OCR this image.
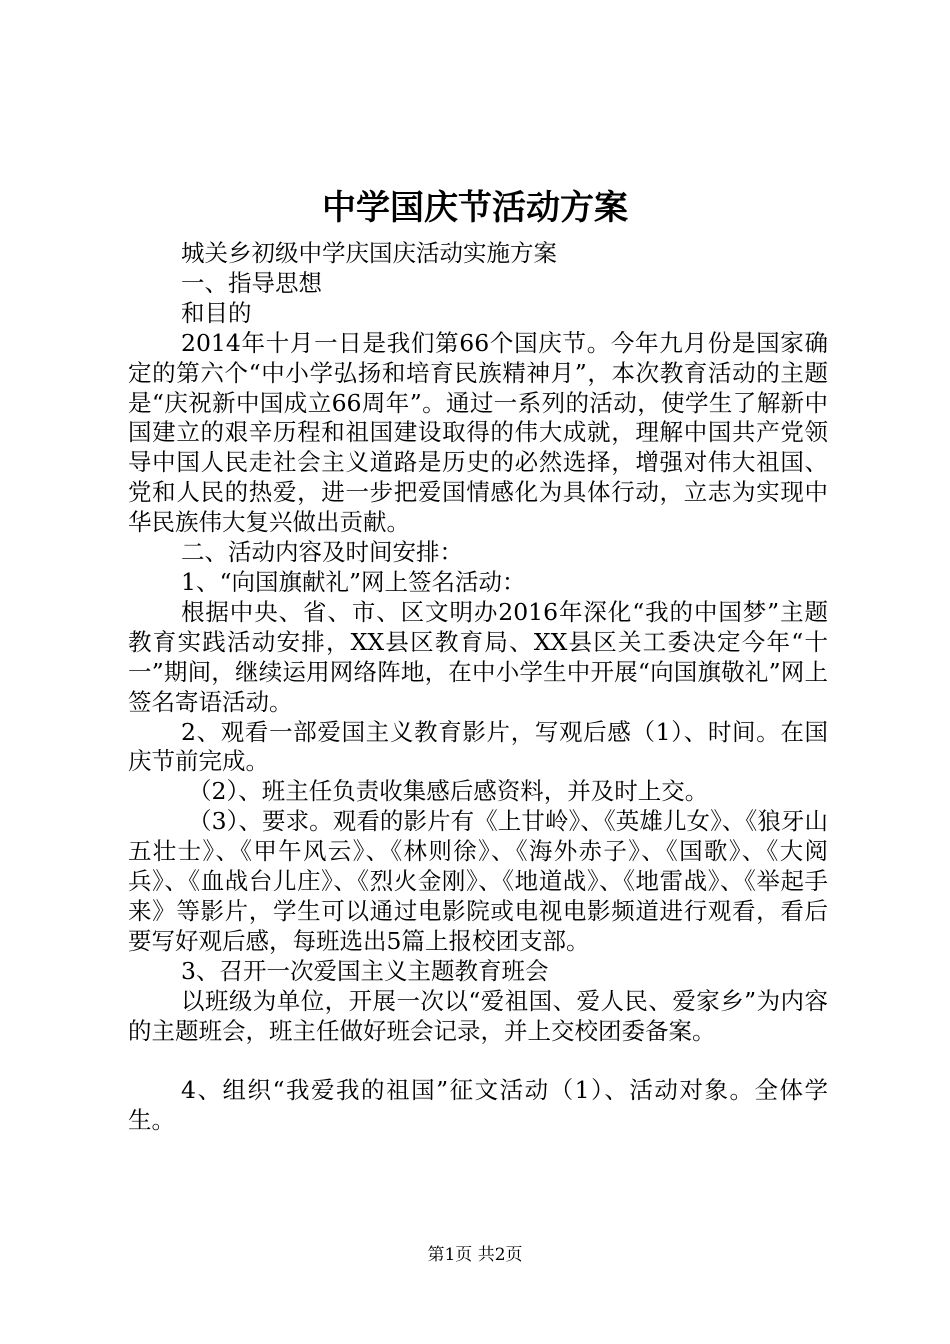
中学国庆节活动方案

城关乡初级中学庆国庆活动实施方案

一、指导思想

和目的

2014年十月一日是我们第66个国庆节。今年九月份是国家确定的第六个“中小学弘扬和培育民族精神月”，本次教育活动的主题是“庆祝新中国成立66周年”。通过一系列的活动，使学生了解新中国建立的艰辛历程和祖国建设取得的伟大成就，理解中国共产党领导中国人民走社会主义道路是历史的必然选择，增强对伟大祖国、党和人民的热爱，进一步把爱国情感化为具体行动，立志为实现中华民族伟大复兴做出贡献。

二、活动内容及时间安排：

1、“向国旗献礼”网上签名活动：

根据中央、省、市、区文明办2016年深化“我的中国梦”主题教育实践活动安排，XX县区教育局、XX县区关工委决定今年“十一”期间，继续运用网络阵地，在中小学生中开展“向国旗敬礼”网上签名寄语活动。

2、观看一部爱国主义教育影片，写观后感（1）、时间。在国庆节前完成。

（2）、班主任负责收集感后感资料，并及时上交。

（3）、要求。观看的影片有《上甘岭》、《英雄儿女》、《狼牙山五壮士》、《甲午风云》、《林则徐》、《海外赤子》、《国歌》、《大阅兵》、《血战台儿庄》、《烈火金刚》、《地道战》、《地雷战》、《举起手来》等影片，学生可以通过电影院或电视电影频道进行观看，看后要写好观后感，每班选出5篇上报校团支部。

3、召开一次爱国主义主题教育班会

以班级为单位，开展一次以“爱祖国、爱人民、爱家乡”为内容的主题班会，班主任做好班会记录，并上交校团委备案。

4、组织“我爱我的祖国”征文活动（1）、活动对象。全体学生。

第1页 共2页
